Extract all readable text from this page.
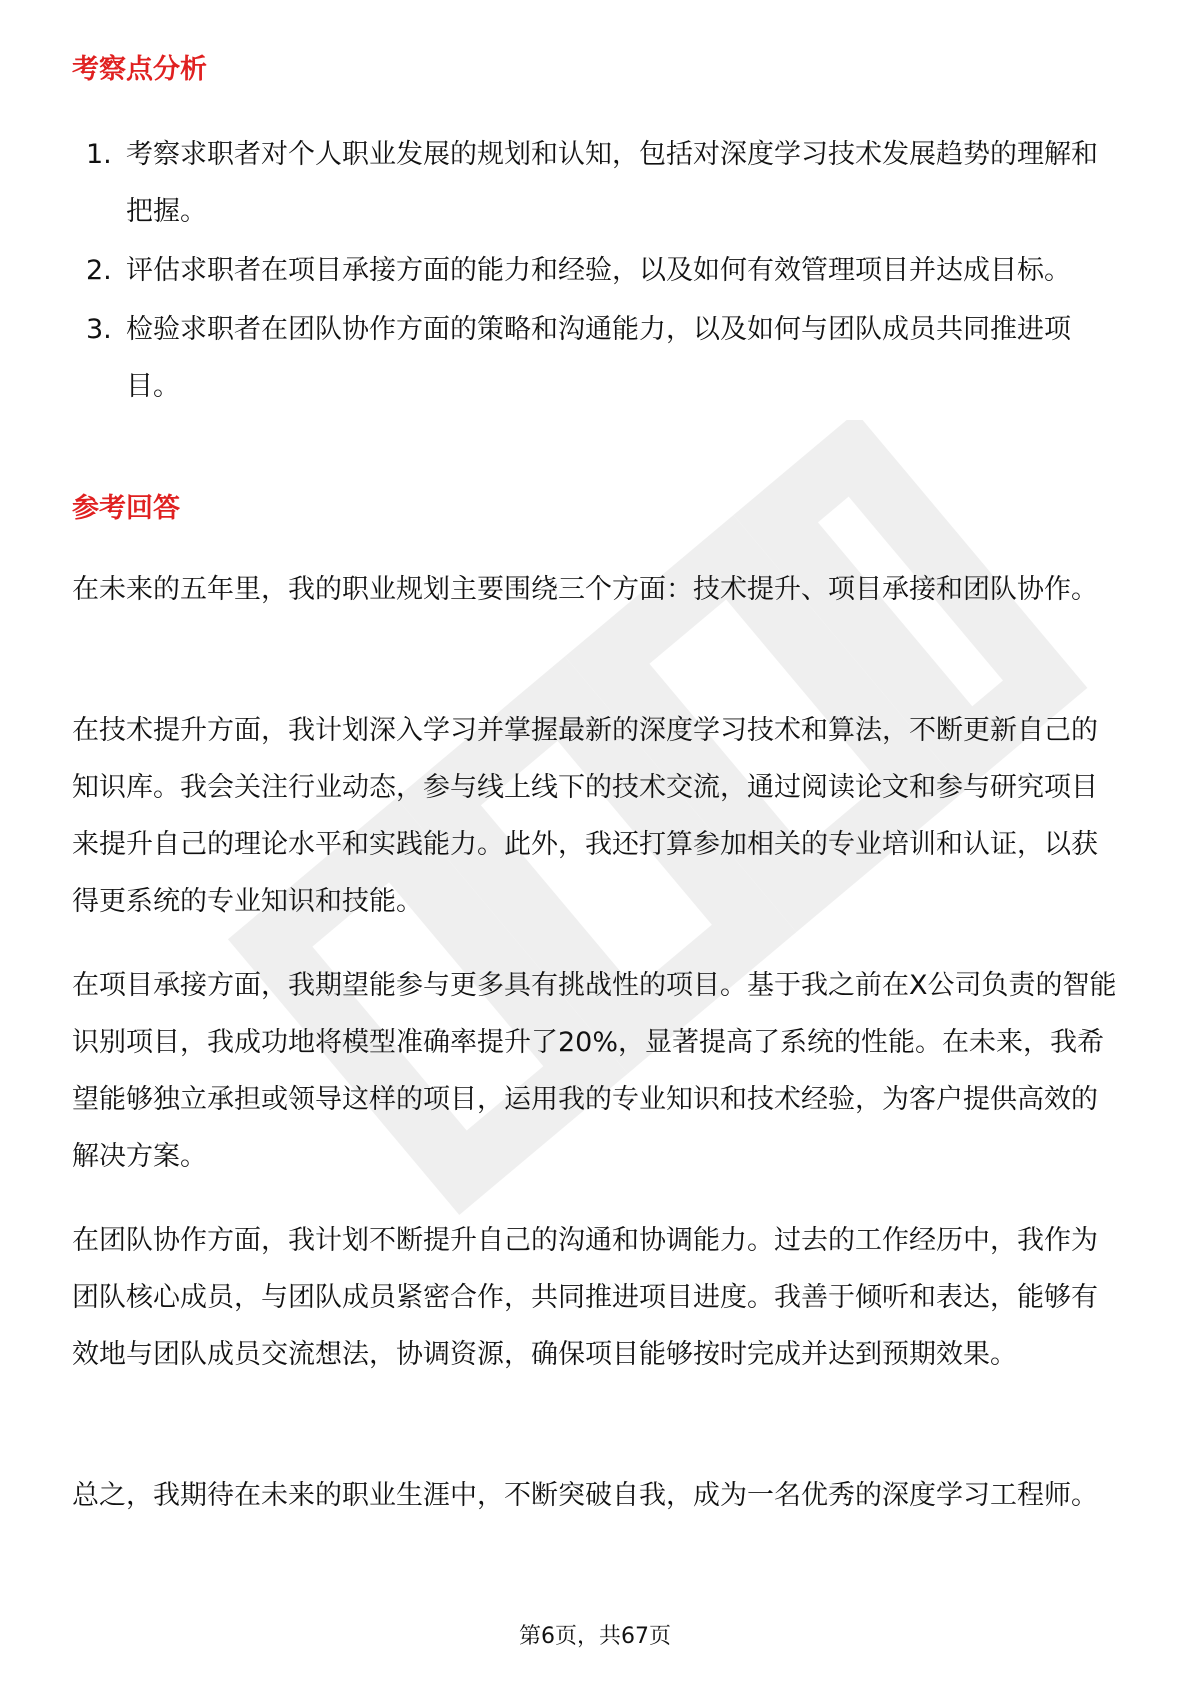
考察点分析
1. 考察求职者对个人职业发展的规划和认知，包括对深度学习技术发展趋势的理解和把握。
2. 评估求职者在项目承接方面的能力和经验，以及如何有效管理项目并达成目标。
3. 检验求职者在团队协作方面的策略和沟通能力，以及如何与团队成员共同推进项目。
参考回答

在未来的五年里，我的职业规划主要围绕三个方面：技术提升、项目承接和团队协作。

在技术提升方面，我计划深入学习并掌握最新的深度学习技术和算法，不断更新自己的知识库。我会关注行业动态，参与线上线下的技术交流，通过阅读论文和参与研究项目来提升自己的理论水平和实践能力。此外，我还打算参加相关的专业培训和认证，以获得更系统的专业知识和技能。

在项目承接方面，我期望能参与更多具有挑战性的项目。基于我之前在X公司负责的智能识别项目，我成功地将模型准确率提升了20%，显著提高了系统的性能。在未来，我希望能够独立承担或领导这样的项目，运用我的专业知识和技术经验，为客户提供高效的解决方案。

在团队协作方面，我计划不断提升自己的沟通和协调能力。过去的工作经历中，我作为团队核心成员，与团队成员紧密合作，共同推进项目进度。我善于倾听和表达，能够有效地与团队成员交流想法，协调资源，确保项目能够按时完成并达到预期效果。

总之，我期待在未来的职业生涯中，不断突破自我，成为一名优秀的深度学习工程师。

第6页，共67页
